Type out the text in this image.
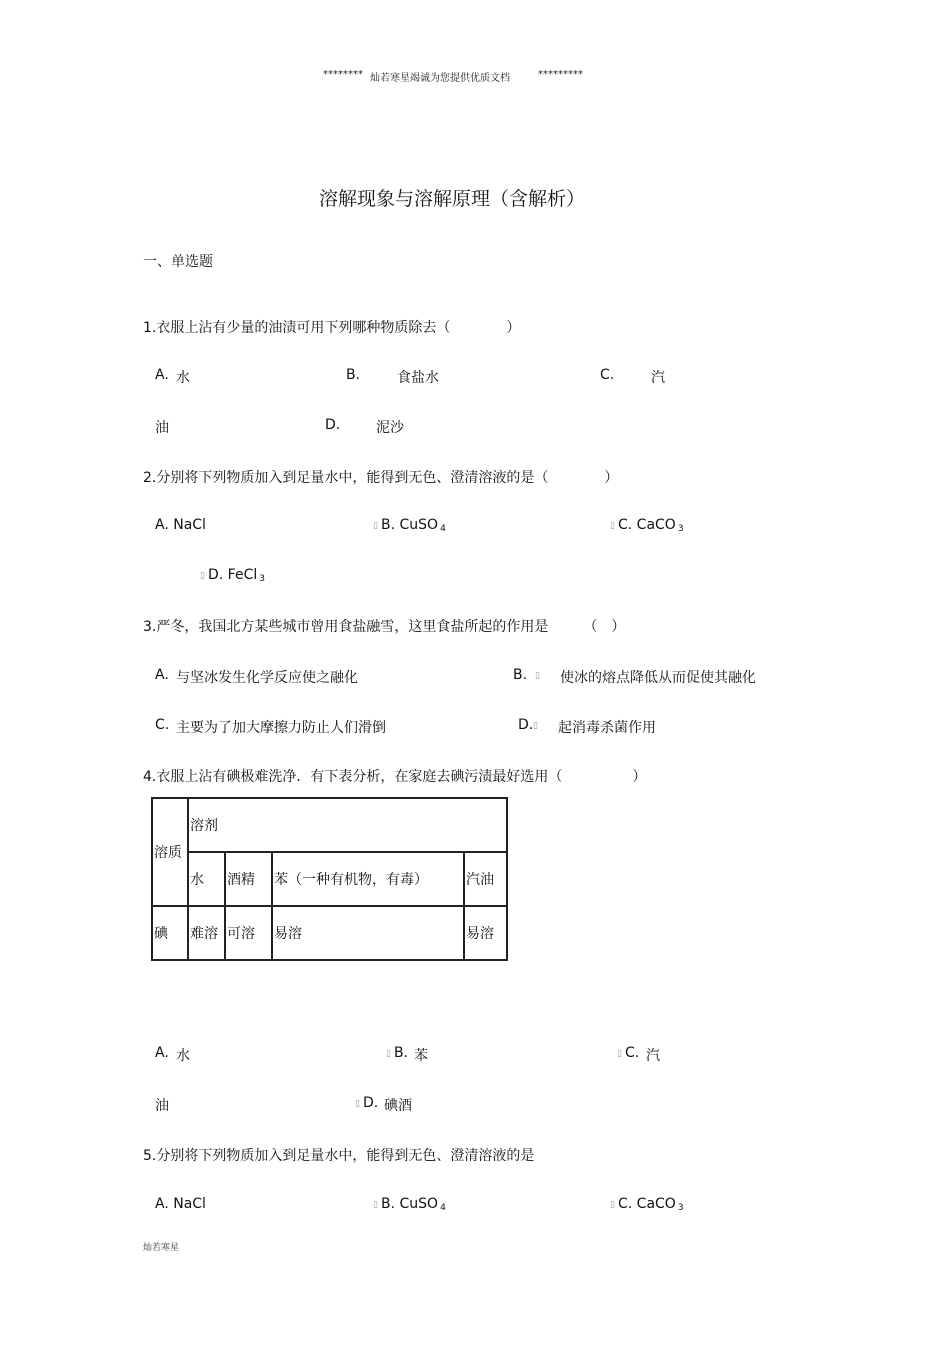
******** 灿若寒星竭诚为您提供优质文档	*********
溶解现象与溶解原理（含解析）
一、单选题
1.衣服上沾有少量的油渍可用下列哪种物质除去（　　　　）
A. 水	B.	食盐水	C.	汽
油	D.	泥沙
2.分别将下列物质加入到足量水中，能得到无色、澄清溶液的是（　　　　）
A. NaCl	▯ B. CuSO $_4$	▯ C. CaCO $_3$
▯ D. FeCl $_3$
3.严冬，我国北方某些城市曾用食盐融雪，这里食盐所起的作用是　　　（　）
A. 与坚冰发生化学反应使之融化	B. ▯ 使冰的熔点降低从而促使其融化
C. 主要为了加大摩擦力防止人们滑倒	D. ▯ 起消毒杀菌作用
4.衣服上沾有碘极难洗净．有下表分析，在家庭去碘污渍最好选用（　　　　　）
溶质	溶剂			
	水	酒精	苯（一种有机物，有毒）	汽油
碘	难溶	可溶	易溶	易溶
A. 水	▯ B. 苯	▯ C. 汽
油	▯ D. 碘酒
5.分别将下列物质加入到足量水中，能得到无色、澄清溶液的是
A. NaCl	▯ B. CuSO $_4$	▯ C. CaCO $_3$
灿若寒星
